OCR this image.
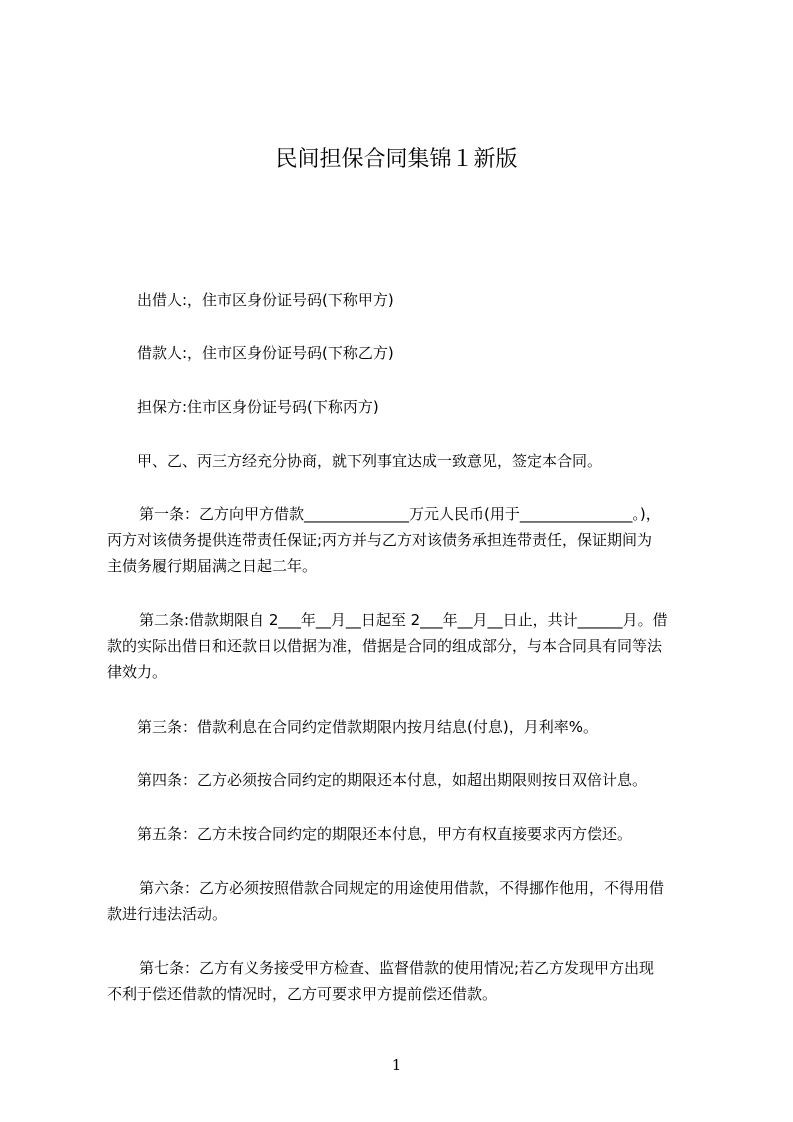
民间担保合同集锦１新版
出借人:，住市区身份证号码(下称甲方)
借款人:，住市区身份证号码(下称乙方)
担保方:住市区身份证号码(下称丙方)
甲、乙、丙三方经充分协商，就下列事宜达成一致意见，签定本合同。
第一条：乙方向甲方借款______________万元人民币(用于_______________。)，
丙方对该债务提供连带责任保证;丙方并与乙方对该债务承担连带责任，保证期间为
主债务履行期届满之日起二年。
第二条:借款期限自 2___年__月__日起至 2___年__月__日止，共计______月。借
款的实际出借日和还款日以借据为准，借据是合同的组成部分，与本合同具有同等法
律效力。
第三条：借款利息在合同约定借款期限内按月结息(付息)，月利率%。
第四条：乙方必须按合同约定的期限还本付息，如超出期限则按日双倍计息。
第五条：乙方未按合同约定的期限还本付息，甲方有权直接要求丙方偿还。
第六条：乙方必须按照借款合同规定的用途使用借款，不得挪作他用，不得用借
款进行违法活动。
第七条：乙方有义务接受甲方检查、监督借款的使用情况;若乙方发现甲方出现
不利于偿还借款的情况时，乙方可要求甲方提前偿还借款。
1
